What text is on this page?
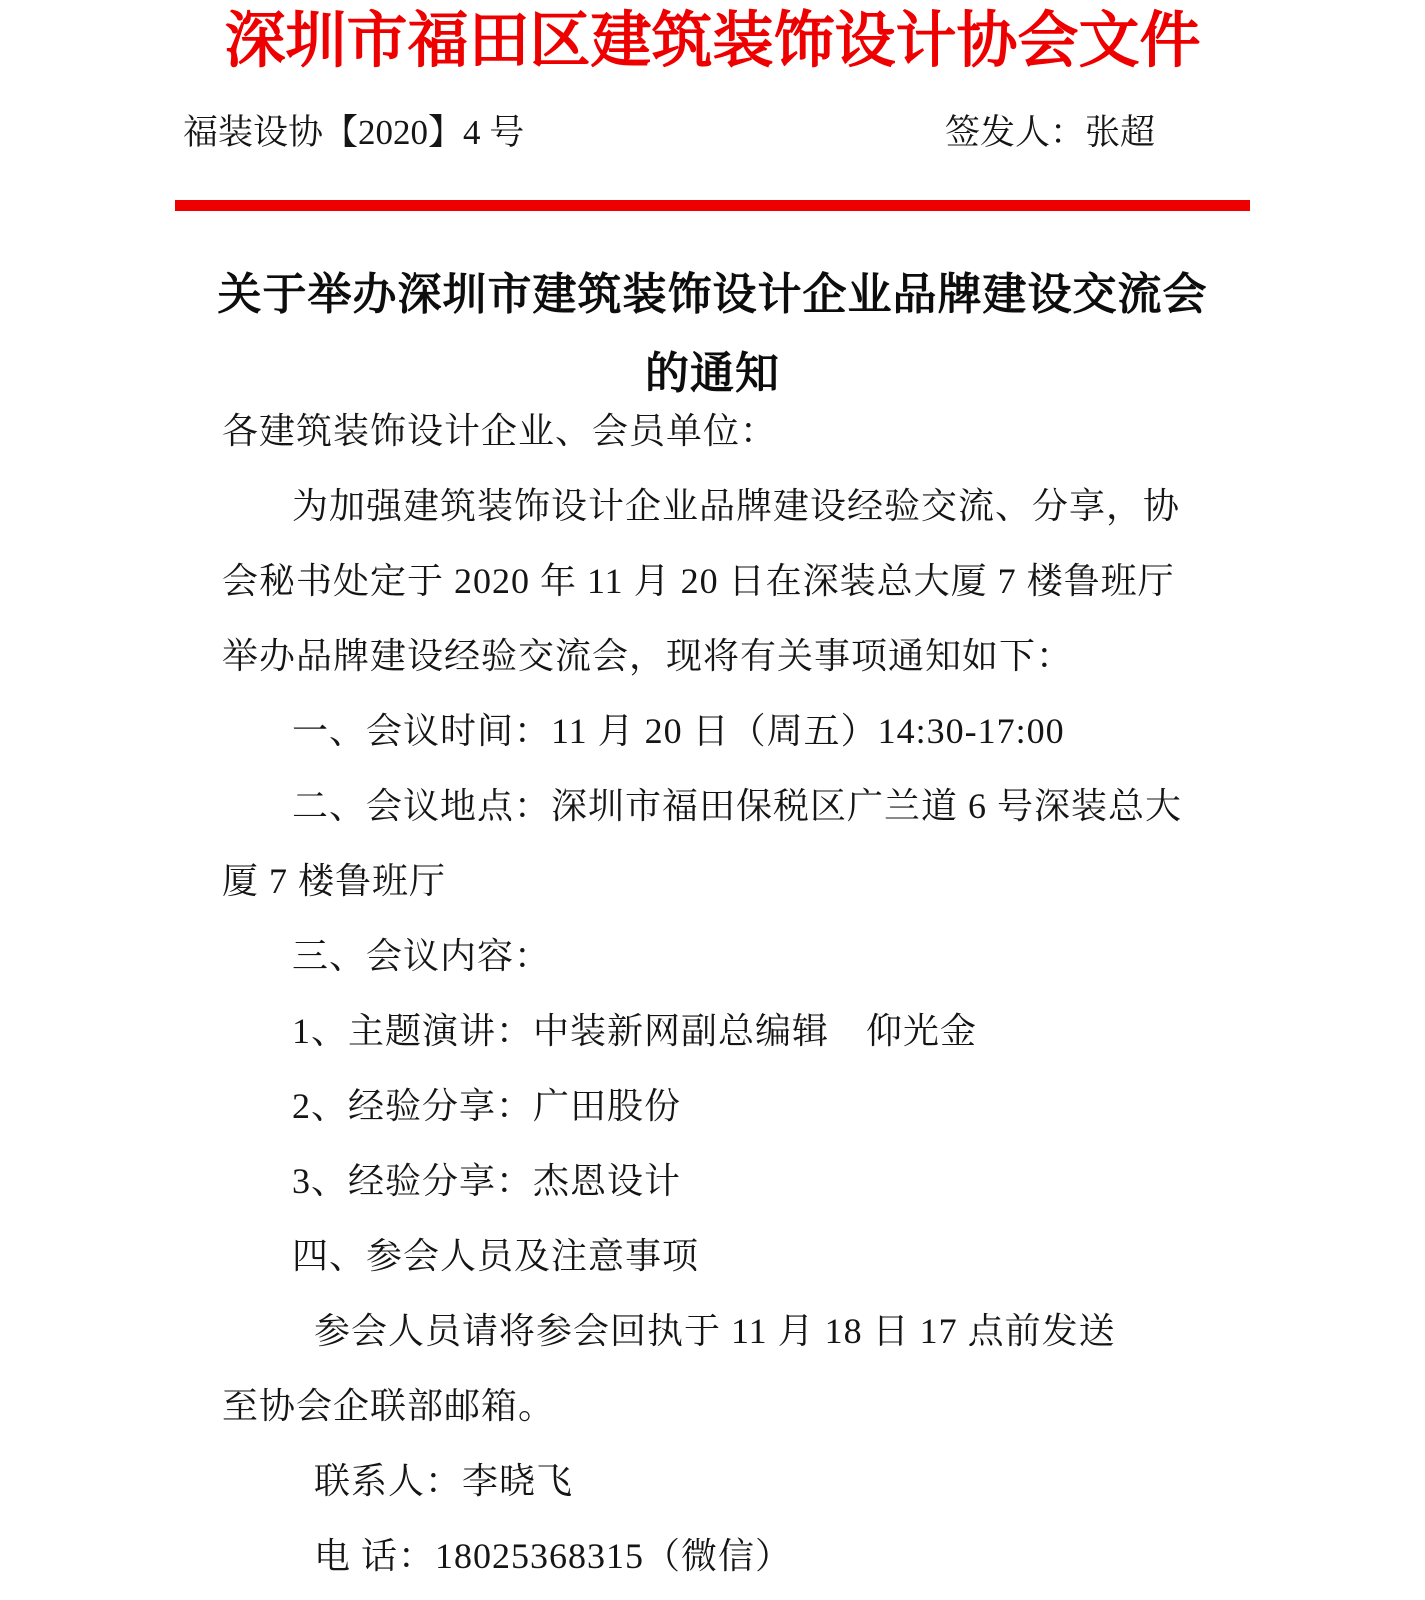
深圳市福田区建筑装饰设计协会文件
福装设协【2020】4 号	签发人：张超
关于举办深圳市建筑装饰设计企业品牌建设交流会
的通知
各建筑装饰设计企业、会员单位：
为加强建筑装饰设计企业品牌建设经验交流、分享，协
会秘书处定于 2020 年 11 月 20 日在深装总大厦 7 楼鲁班厅
举办品牌建设经验交流会，现将有关事项通知如下：
一、会议时间：11 月 20 日（周五）14:30-17:00
二、会议地点：深圳市福田保税区广兰道 6 号深装总大
厦 7 楼鲁班厅
三、会议内容：
1、主题演讲：中装新网副总编辑　仰光金
2、经验分享：广田股份
3、经验分享：杰恩设计
四、参会人员及注意事项
参会人员请将参会回执于 11 月 18 日 17 点前发送
至协会企联部邮箱。
联系人：李晓飞
电 话：18025368315（微信）
